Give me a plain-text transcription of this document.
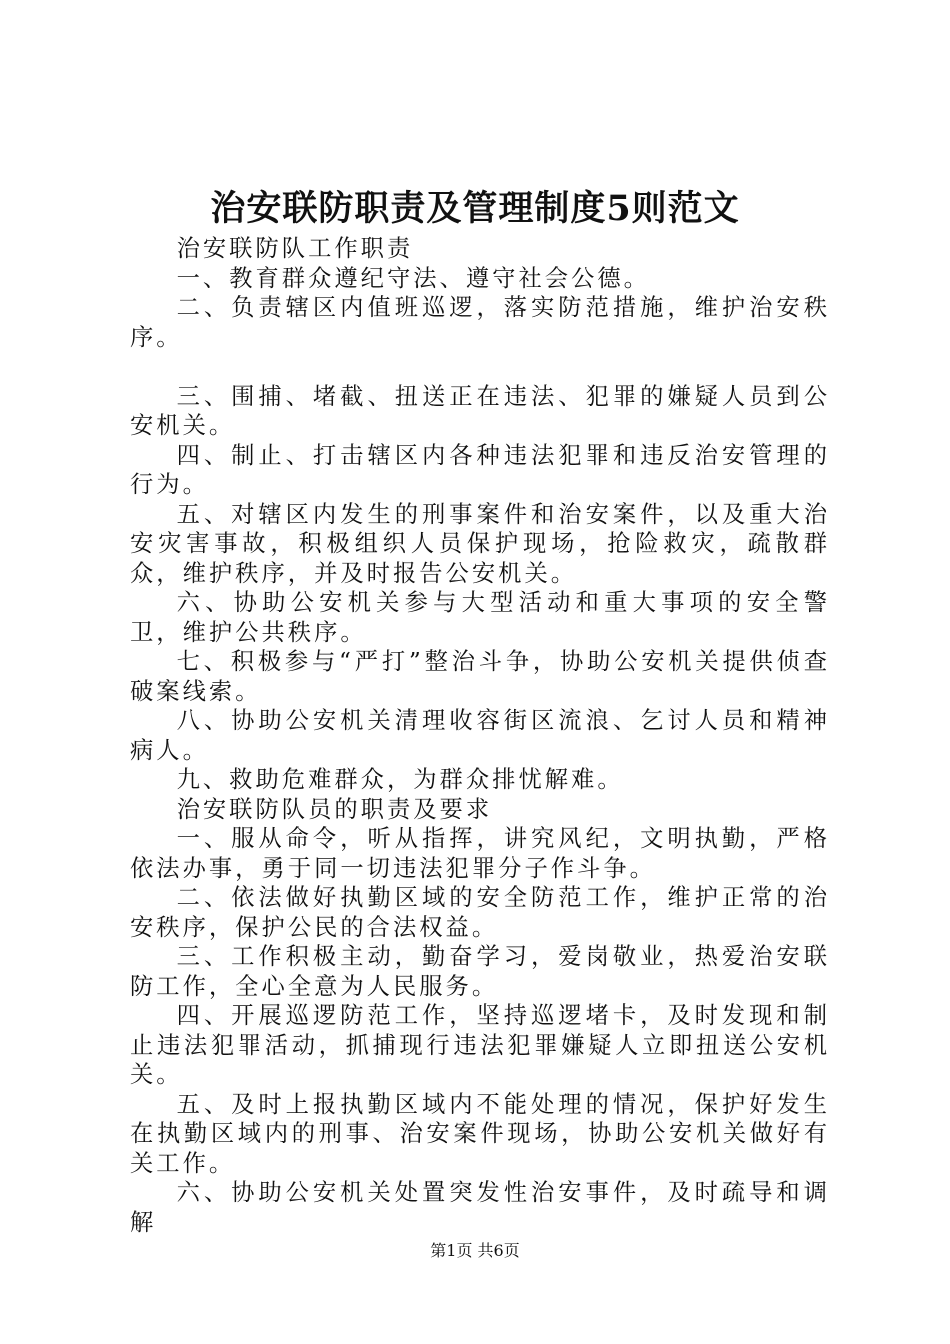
治安联防职责及管理制度5则范文

治安联防队工作职责

一、教育群众遵纪守法、遵守社会公德。

二、负责辖区内值班巡逻，落实防范措施，维护治安秩序。

三、围捕、堵截、扭送正在违法、犯罪的嫌疑人员到公安机关。

四、制止、打击辖区内各种违法犯罪和违反治安管理的行为。

五、对辖区内发生的刑事案件和治安案件，以及重大治安灾害事故，积极组织人员保护现场，抢险救灾，疏散群众，维护秩序，并及时报告公安机关。

六、协助公安机关参与大型活动和重大事项的安全警卫，维护公共秩序。

七、积极参与“严打”整治斗争，协助公安机关提供侦查破案线索。

八、协助公安机关清理收容街区流浪、乞讨人员和精神病人。

九、救助危难群众，为群众排忧解难。

治安联防队员的职责及要求

一、服从命令，听从指挥，讲究风纪，文明执勤，严格依法办事，勇于同一切违法犯罪分子作斗争。

二、依法做好执勤区域的安全防范工作，维护正常的治安秩序，保护公民的合法权益。

三、工作积极主动，勤奋学习，爱岗敬业，热爱治安联防工作，全心全意为人民服务。

四、开展巡逻防范工作，坚持巡逻堵卡，及时发现和制止违法犯罪活动，抓捕现行违法犯罪嫌疑人立即扭送公安机关。

五、及时上报执勤区域内不能处理的情况，保护好发生在执勤区域内的刑事、治安案件现场，协助公安机关做好有关工作。

六、协助公安机关处置突发性治安事件，及时疏导和调解

第1页 共6页
